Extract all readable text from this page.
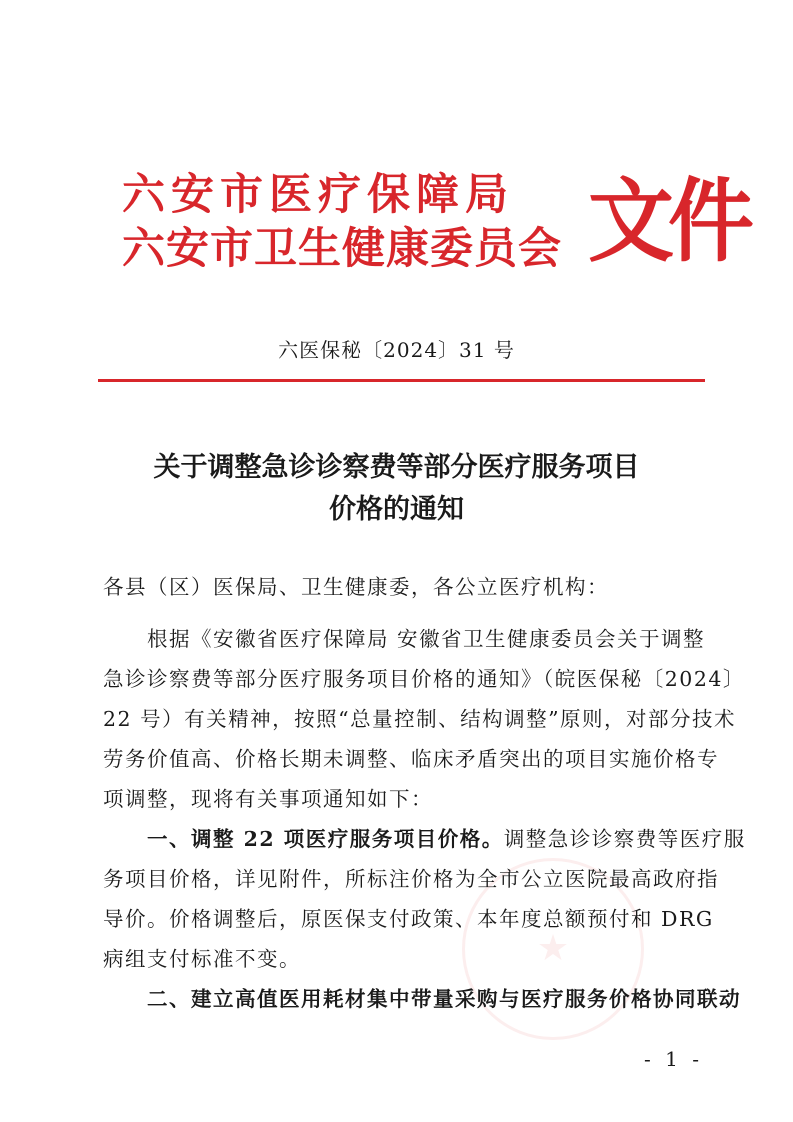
六安市医疗保障局
六安市卫生健康委员会 文件
六医保秘〔2024〕31 号
关于调整急诊诊察费等部分医疗服务项目
价格的通知
★
各县（区）医保局、卫生健康委，各公立医疗机构：
　　根据《安徽省医疗保障局 安徽省卫生健康委员会关于调整
急诊诊察费等部分医疗服务项目价格的通知》（皖医保秘〔2024〕
22 号）有关精神，按照“总量控制、结构调整”原则，对部分技术
劳务价值高、价格长期未调整、临床矛盾突出的项目实施价格专
项调整，现将有关事项通知如下：
　　一、调整 22 项医疗服务项目价格。调整急诊诊察费等医疗服
务项目价格，详见附件，所标注价格为全市公立医院最高政府指
导价。价格调整后，原医保支付政策、本年度总额预付和 DRG
病组支付标准不变。
　　二、建立高值医用耗材集中带量采购与医疗服务价格协同联动
- 1 -
